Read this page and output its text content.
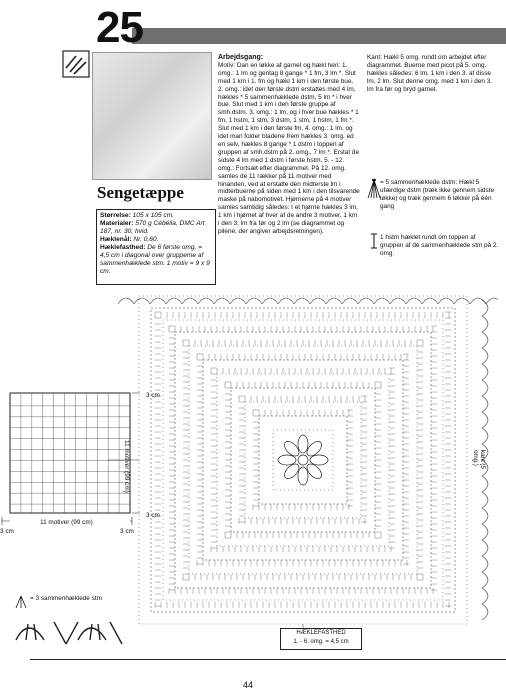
25
Sengetæppe
Størrelse: 105 x 105 cm.
Materialer: 570 g Cébélia, DMC Art 187, nr. 30, hvid.
Hæklenål: Nr. 0,60.
Hæklefasthed: De 6 første omg. = 4,5 cm i diagonal over gruppeme af sammenhæklede stm. 1 motiv = 9 x 9 cm.
Arbejdsgang:
Motiv: Dan en løkke af garnet og hækl heri: 1. omg.: 1 lm og gentag 8 gange * 1 fm, 3 lm *. Slut med 1 km i 1. fm og hækl 1 km i den første bue. 2. omg.: idet den første dstm erstattes med 4 lm, hækles * 5 sammenhæklede dstm, 5 lm * i hver bue. Slut med 1 km i den første gruppe af smh.dstm. 3. omg.: 1 lm, og i hver bue hækles * 1 fm, 1 hstm, 1 stm, 3 dstm, 1 stm, 1 hstm, 1 fm *. Slut med 1 km i den første fm. 4. omg.: 1 lm, og idet man folder bladene frem hækles 3. omg. ed en selv, hækles 8 gange * 1 dstm i toppen af gruppen af smh.dstm på 2. omg., 7 lm *. Erstat de sidste 4 lm med 1 dstm i første hstm. 5. - 12. omg.: Fortsæt efter diagrammet. På 12. omg. samles de 11 rækker på 11 motiver med hinanden, ved at erstatte den midterste lm i midterbuerne på siden med 1 km i den tilsvarende maske på nabomotivet. Hjørnerne på 4 motiver samles samtidig således: I et hjørne hækles 3 lm, 1 km i hjørnet af hver af de andre 3 motiver, 1 km i den 3. lm fra før og 2 lm (se diagrammet og pilene, der angiver arbejdsretningen).
Kant: Hækl 5 omg. rundt om arbejdet efter diagrammet. Buerne med picot på 5. omg. hækles således: 6 lm, 1 km i den 3. af disse lm, 2 lm. Slut denne omg. med 1 km i den 3. lm fra før og bryd garnet.
= 5 sammenhæklede dstm: Hækl 5 ufærdige dstm (træk ikke gennem sidste løkke) og træk gennem 6 løkker på één gang
1 hstm hæklet rundt om toppen af gruppen af de sammenhæklede stm på 2. omg.
11 motiver (99 cm)
11 motiver (99 cm)
3 cm
3 cm
3 cm	3 cm
HÆKLEFASTHED
1. - 6. omg. = 4,5 cm
kant (5 omg.)
= 3 sammenhæklede stm
44
